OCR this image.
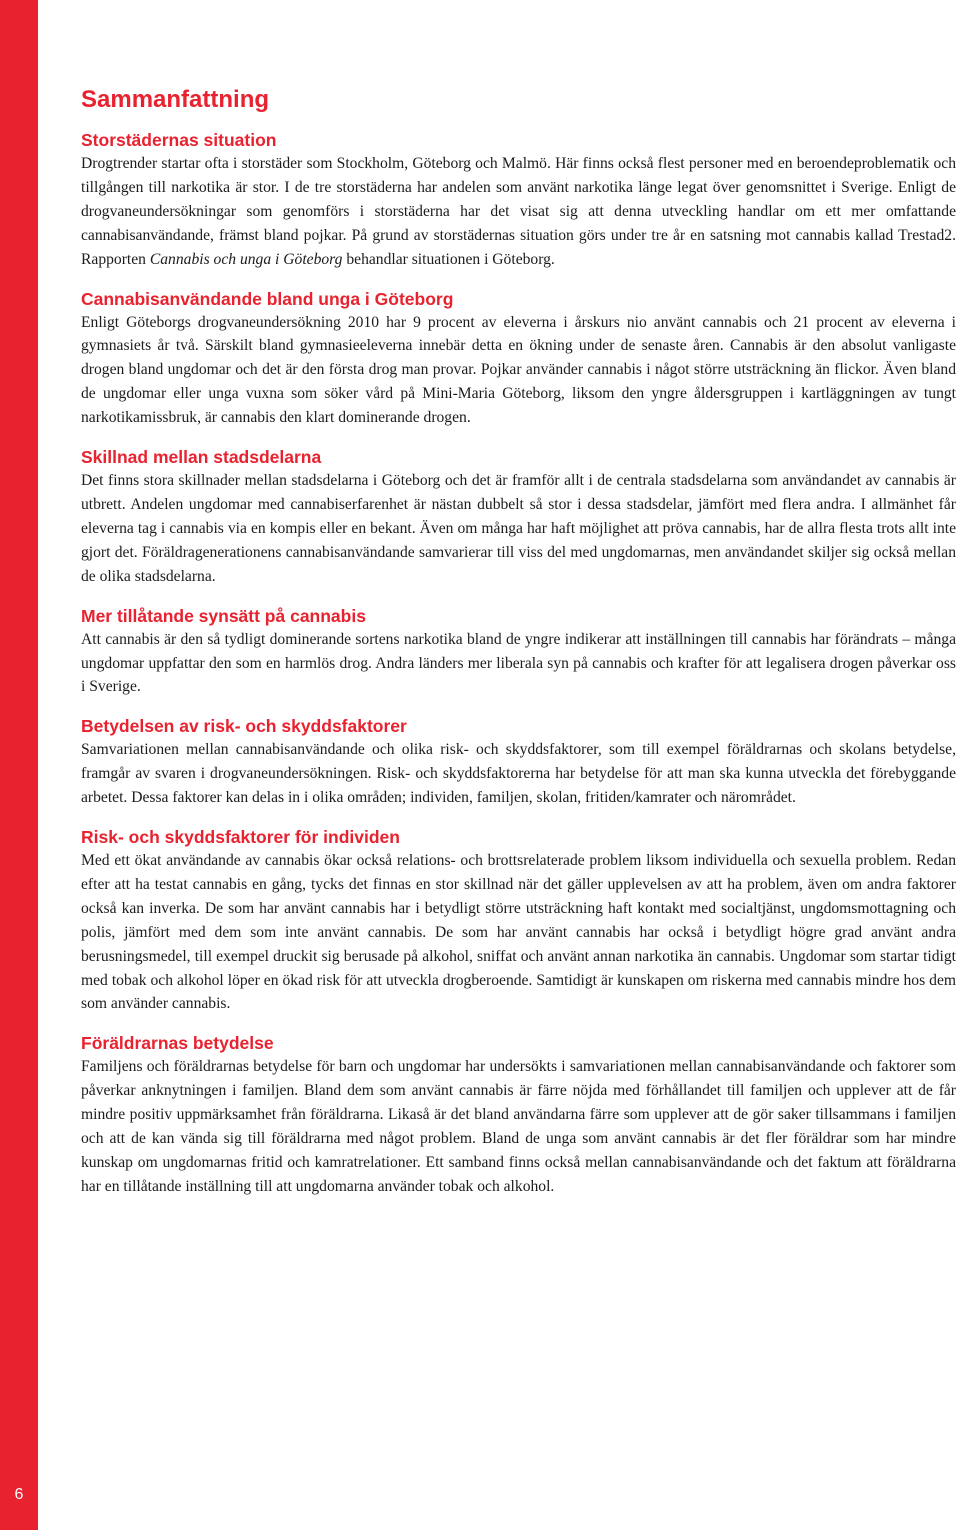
6
Sammanfattning
Storstädernas situation

Drogtrender startar ofta i storstäder som Stockholm, Göteborg och Malmö. Här finns också flest personer med en beroendeproblematik och tillgången till narkotika är stor. I de tre storstäderna har andelen som använt narkotika länge legat över genomsnittet i Sverige. Enligt de drogvaneundersökningar som genomförs i storstäderna har det visat sig att denna utveckling handlar om ett mer omfattande cannabisanvändande, främst bland pojkar. På grund av storstädernas situation görs under tre år en satsning mot cannabis kallad Trestad2. Rapporten Cannabis och unga i Göteborg behandlar situationen i Göteborg.

Cannabisanvändande bland unga i Göteborg

Enligt Göteborgs drogvaneundersökning 2010 har 9 procent av eleverna i årskurs nio använt cannabis och 21 procent av eleverna i gymnasiets år två. Särskilt bland gymnasieeleverna innebär detta en ökning under de senaste åren. Cannabis är den absolut vanligaste drogen bland ungdomar och det är den första drog man provar. Pojkar använder cannabis i något större utsträckning än flickor. Även bland de ungdomar eller unga vuxna som söker vård på Mini-Maria Göteborg, liksom den yngre åldersgruppen i kartläggningen av tungt narkotikamissbruk, är cannabis den klart dominerande drogen.

Skillnad mellan stadsdelarna

Det finns stora skillnader mellan stadsdelarna i Göteborg och det är framför allt i de centrala stadsdelarna som användandet av cannabis är utbrett. Andelen ungdomar med cannabiserfarenhet är nästan dubbelt så stor i dessa stadsdelar, jämfört med flera andra. I allmänhet får eleverna tag i cannabis via en kompis eller en bekant. Även om många har haft möjlighet att pröva cannabis, har de allra flesta trots allt inte gjort det. Föräldragenerationens cannabisanvändande samvarierar till viss del med ungdomarnas, men användandet skiljer sig också mellan de olika stadsdelarna.

Mer tillåtande synsätt på cannabis

Att cannabis är den så tydligt dominerande sortens narkotika bland de yngre indikerar att inställningen till cannabis har förändrats – många ungdomar uppfattar den som en harmlös drog. Andra länders mer liberala syn på cannabis och krafter för att legalisera drogen påverkar oss i Sverige.

Betydelsen av risk- och skyddsfaktorer

Samvariationen mellan cannabisanvändande och olika risk- och skyddsfaktorer, som till exempel föräldrarnas och skolans betydelse, framgår av svaren i drogvaneundersökningen. Risk- och skyddsfaktorerna har betydelse för att man ska kunna utveckla det förebyggande arbetet. Dessa faktorer kan delas in i olika områden; individen, familjen, skolan, fritiden/kamrater och närområdet.

Risk- och skyddsfaktorer för individen

Med ett ökat användande av cannabis ökar också relations- och brottsrelaterade problem liksom individuella och sexuella problem. Redan efter att ha testat cannabis en gång, tycks det finnas en stor skillnad när det gäller upplevelsen av att ha problem, även om andra faktorer också kan inverka. De som har använt cannabis har i betydligt större utsträckning haft kontakt med socialtjänst, ungdomsmottagning och polis, jämfört med dem som inte använt cannabis. De som har använt cannabis har också i betydligt högre grad använt andra berusningsmedel, till exempel druckit sig berusade på alkohol, sniffat och använt annan narkotika än cannabis. Ungdomar som startar tidigt med tobak och alkohol löper en ökad risk för att utveckla drogberoende. Samtidigt är kunskapen om riskerna med cannabis mindre hos dem som använder cannabis.

Föräldrarnas betydelse

Familjens och föräldrarnas betydelse för barn och ungdomar har undersökts i samvariationen mellan cannabisanvändande och faktorer som påverkar anknytningen i familjen. Bland dem som använt cannabis är färre nöjda med förhållandet till familjen och upplever att de får mindre positiv uppmärksamhet från föräldrarna. Likaså är det bland användarna färre som upplever att de gör saker tillsammans i familjen och att de kan vända sig till föräldrarna med något problem. Bland de unga som använt cannabis är det fler föräldrar som har mindre kunskap om ungdomarnas fritid och kamratrelationer. Ett samband finns också mellan cannabisanvändande och det faktum att föräldrarna har en tillåtande inställning till att ungdomarna använder tobak och alkohol.
